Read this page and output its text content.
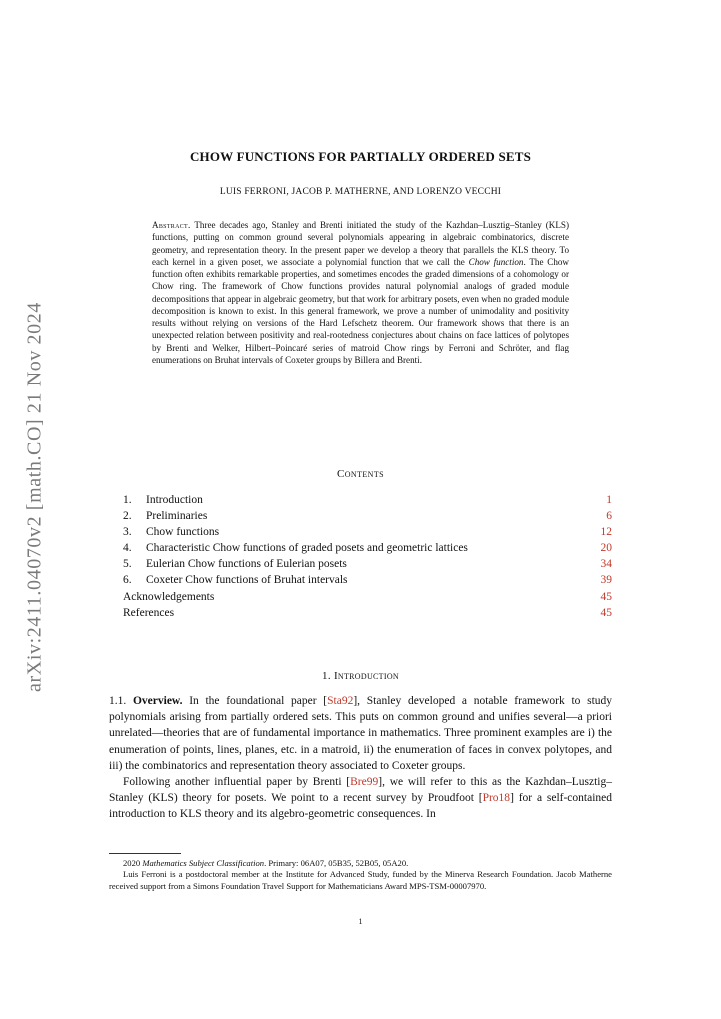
arXiv:2411.04070v2 [math.CO] 21 Nov 2024
CHOW FUNCTIONS FOR PARTIALLY ORDERED SETS
LUIS FERRONI, JACOB P. MATHERNE, AND LORENZO VECCHI

Abstract. Three decades ago, Stanley and Brenti initiated the study of the Kazhdan–Lusztig–Stanley (KLS) functions, putting on common ground several polynomials appearing in algebraic combinatorics, discrete geometry, and representation theory. In the present paper we develop a theory that parallels the KLS theory. To each kernel in a given poset, we associate a polynomial function that we call the Chow function. The Chow function often exhibits remarkable properties, and sometimes encodes the graded dimensions of a cohomology or Chow ring. The framework of Chow functions provides natural polynomial analogs of graded module decompositions that appear in algebraic geometry, but that work for arbitrary posets, even when no graded module decomposition is known to exist. In this general framework, we prove a number of unimodality and positivity results without relying on versions of the Hard Lefschetz theorem. Our framework shows that there is an unexpected relation between positivity and real-rootedness conjectures about chains on face lattices of polytopes by Brenti and Welker, Hilbert–Poincaré series of matroid Chow rings by Ferroni and Schröter, and flag enumerations on Bruhat intervals of Coxeter groups by Billera and Brenti.

Contents
1. Introduction	1
2. Preliminaries	6
3. Chow functions	12
4. Characteristic Chow functions of graded posets and geometric lattices	20
5. Eulerian Chow functions of Eulerian posets	34
6. Coxeter Chow functions of Bruhat intervals	39
Acknowledgements	45
References	45
1. Introduction

1.1. Overview. In the foundational paper [Sta92], Stanley developed a notable framework to study polynomials arising from partially ordered sets. This puts on common ground and unifies several—a priori unrelated—theories that are of fundamental importance in mathematics. Three prominent examples are i) the enumeration of points, lines, planes, etc. in a matroid, ii) the enumeration of faces in convex polytopes, and iii) the combinatorics and representation theory associated to Coxeter groups.

Following another influential paper by Brenti [Bre99], we will refer to this as the Kazhdan–Lusztig–Stanley (KLS) theory for posets. We point to a recent survey by Proudfoot [Pro18] for a self-contained introduction to KLS theory and its algebro-geometric consequences. In

2020 Mathematics Subject Classification. Primary: 06A07, 05B35, 52B05, 05A20.

Luis Ferroni is a postdoctoral member at the Institute for Advanced Study, funded by the Minerva Research Foundation. Jacob Matherne received support from a Simons Foundation Travel Support for Mathematicians Award MPS-TSM-00007970.

1
